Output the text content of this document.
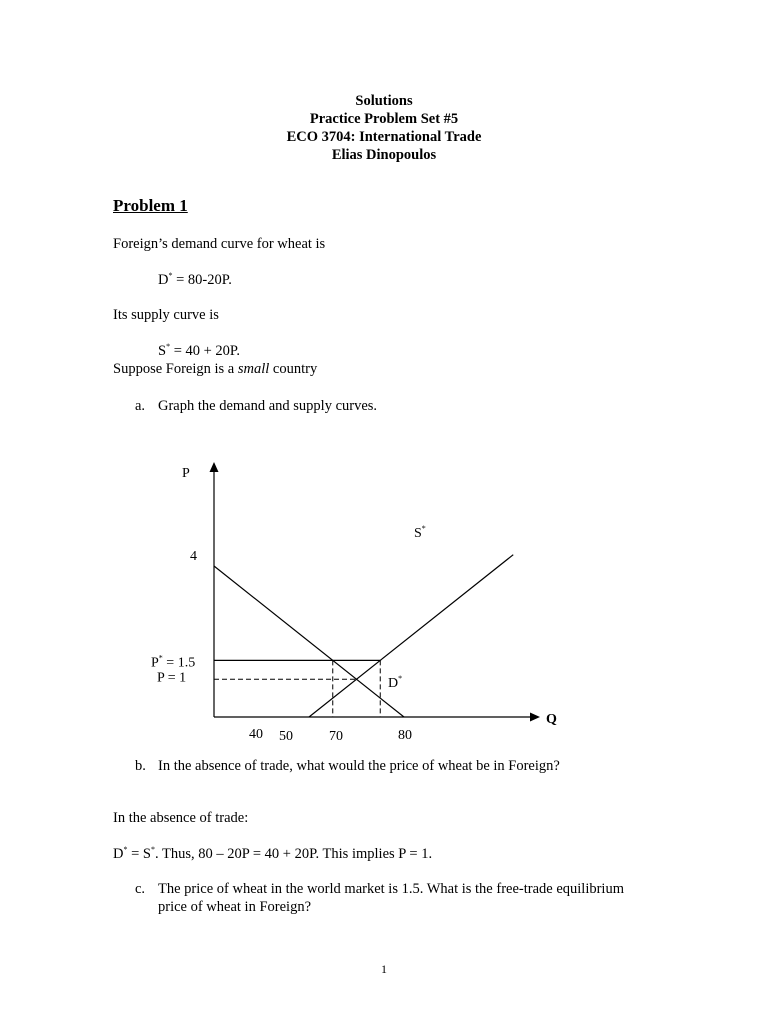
Solutions
Practice Problem Set #5
ECO 3704: International Trade
Elias Dinopoulos
Problem 1
Foreign’s demand curve for wheat is
D* = 80-20P.
Its supply curve is
S* = 40 + 20P.
Suppose Foreign is a small country
a. Graph the demand and supply curves.
P
Q
S*
D*
4
P* = 1.5
P = 1
40 50	70	80
b. In the absence of trade, what would the price of wheat be in Foreign?
In the absence of trade:
D* = S*. Thus, 80 – 20P = 40 + 20P. This implies P = 1.
c. The price of wheat in the world market is 1.5. What is the free-trade equilibrium
price of wheat in Foreign?
1
